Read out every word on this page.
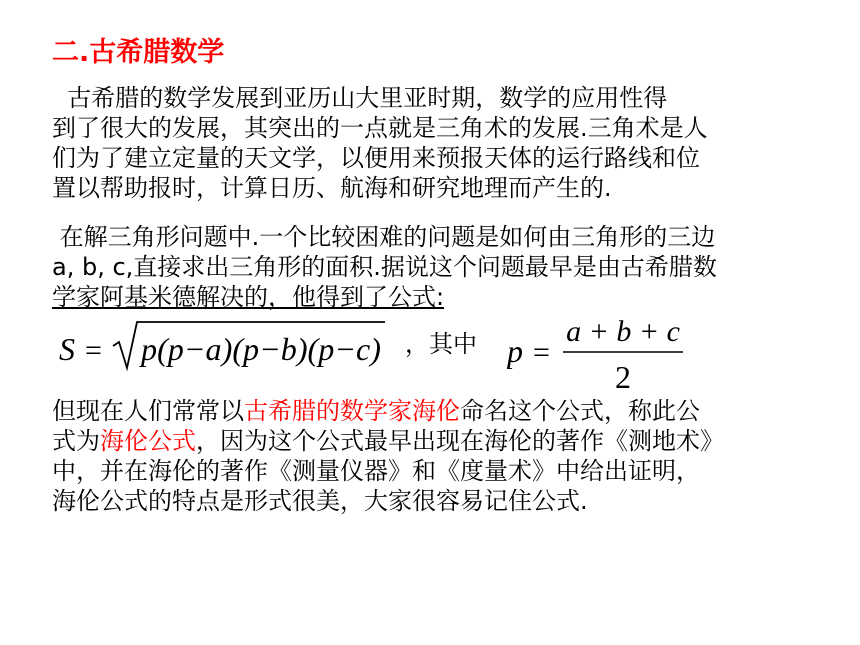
二.古希腊数学

古希腊的数学发展到亚历山大里亚时期，数学的应用性得
到了很大的发展，其突出的一点就是三角术的发展.三角术是人
们为了建立定量的天文学，以便用来预报天体的运行路线和位
置以帮助报时，计算日历、航海和研究地理而产生的.

在解三角形问题中.一个比较困难的问题是如何由三角形的三边
a, b, c,直接求出三角形的面积.据说这个问题最早是由古希腊数
学家阿基米德解决的，他得到了公式:

S = p(p−a)(p−b)(p−c) ，其中 p =
a + b + c
2

但现在人们常常以古希腊的数学家海伦命名这个公式，称此公
式为海伦公式，因为这个公式最早出现在海伦的著作《测地术》
中，并在海伦的著作《测量仪器》和《度量术》中给出证明，
海伦公式的特点是形式很美，大家很容易记住公式.
